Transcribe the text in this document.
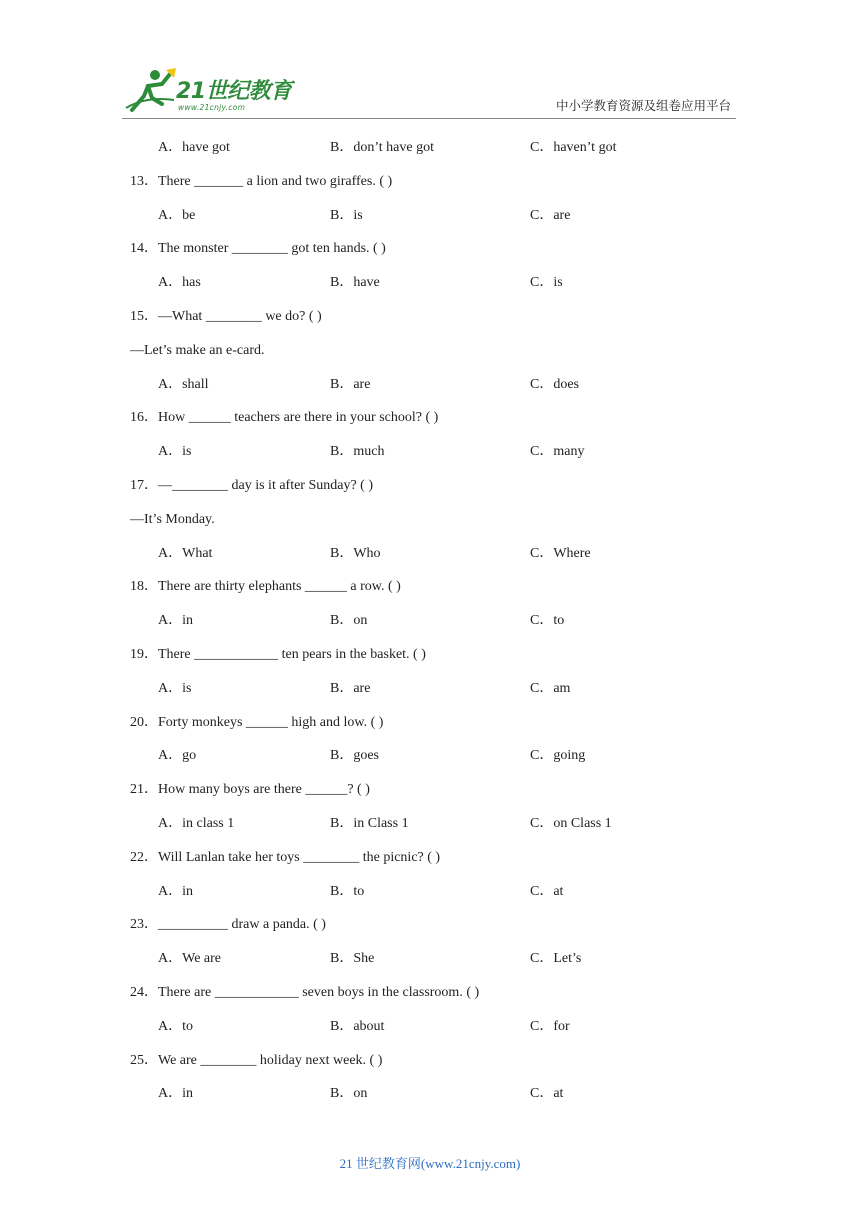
21世纪教育
www.21cnjy.com	中小学教育资源及组卷应用平台
A．have got	B．don’t have got	C．haven’t got
13．There _______ a lion and two giraffes. ( )
A．be	B．is	C．are
14．The monster ________ got ten hands. ( )
A．has	B．have	C．is
15．—What ________ we do? ( )
—Let’s make an e-card.
A．shall	B．are	C．does
16．How ______ teachers are there in your school? ( )
A．is	B．much	C．many
17．—________ day is it after Sunday? ( )
—It’s Monday.
A．What	B．Who	C．Where
18．There are thirty elephants ______ a row. ( )
A．in	B．on	C．to
19．There ____________ ten pears in the basket. ( )
A．is	B．are	C．am
20．Forty monkeys ______ high and low. ( )
A．go	B．goes	C．going
21．How many boys are there ______? ( )
A．in class 1	B．in Class 1	C．on Class 1
22．Will Lanlan take her toys ________ the picnic? ( )
A．in	B．to	C．at
23．__________ draw a panda. ( )
A．We are	B．She	C．Let’s
24．There are ____________ seven boys in the classroom. ( )
A．to	B．about	C．for
25．We are ________ holiday next week. ( )
A．in	B．on	C．at
21 世纪教育网(www.21cnjy.com)
